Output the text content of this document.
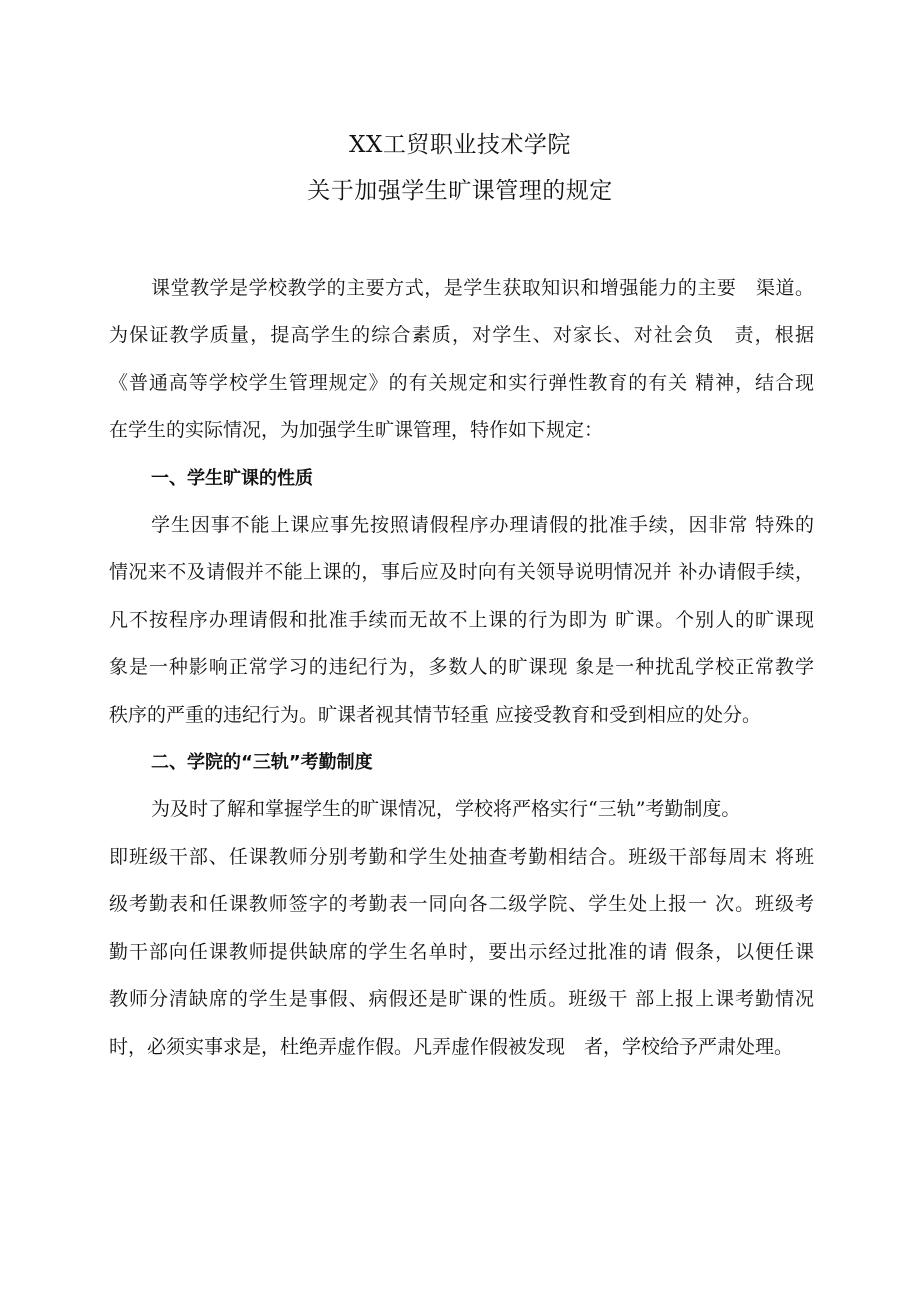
XX工贸职业技术学院
关于加强学生旷课管理的规定
课堂教学是学校教学的主要方式，是学生获取知识和增强能力的主要　渠道。
为保证教学质量，提高学生的综合素质，对学生、对家长、对社会负　责，根据
《普通高等学校学生管理规定》的有关规定和实行弹性教育的有关 精神，结合现
在学生的实际情况，为加强学生旷课管理，特作如下规定：
一、学生旷课的性质
学生因事不能上课应事先按照请假程序办理请假的批准手续，因非常 特殊的
情况来不及请假并不能上课的，事后应及时向有关领导说明情况并 补办请假手续，
凡不按程序办理请假和批准手续而无故不上课的行为即为 旷课。个别人的旷课现
象是一种影响正常学习的违纪行为，多数人的旷课现 象是一种扰乱学校正常教学
秩序的严重的违纪行为。旷课者视其情节轻重 应接受教育和受到相应的处分。
二、学院的“三轨”考勤制度
为及时了解和掌握学生的旷课情况，学校将严格实行“三轨”考勤制度。
即班级干部、任课教师分别考勤和学生处抽查考勤相结合。班级干部每周末 将班
级考勤表和任课教师签字的考勤表一同向各二级学院、学生处上报一 次。班级考
勤干部向任课教师提供缺席的学生名单时，要出示经过批准的请 假条，以便任课
教师分清缺席的学生是事假、病假还是旷课的性质。班级干 部上报上课考勤情况
时，必须实事求是，杜绝弄虚作假。凡弄虚作假被发现　者，学校给予严肃处理。
